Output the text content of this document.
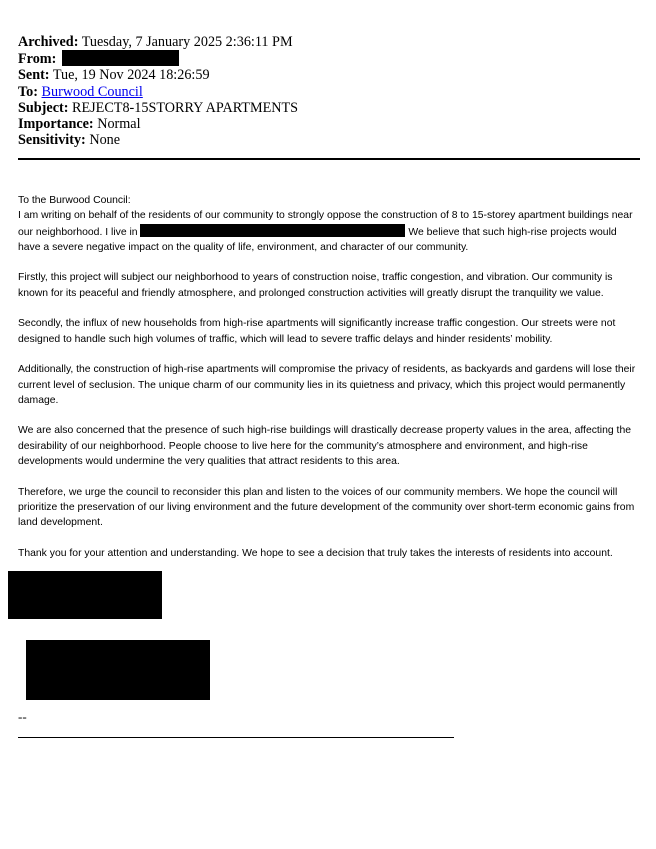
Archived: Tuesday, 7 January 2025 2:36:11 PM
From:
Sent: Tue, 19 Nov 2024 18:26:59
To: Burwood Council
Subject: REJECT8-15STORRY APARTMENTS
Importance: Normal
Sensitivity: None

To the Burwood Council:

I am writing on behalf of the residents of our community to strongly oppose the construction of 8 to 15-storey apartment buildings near our neighborhood. I live in	We believe that such high-rise projects would have a severe negative impact on the quality of life, environment, and character of our community.

Firstly, this project will subject our neighborhood to years of construction noise, traffic congestion, and vibration. Our community is known for its peaceful and friendly atmosphere, and prolonged construction activities will greatly disrupt the tranquility we value.

Secondly, the influx of new households from high-rise apartments will significantly increase traffic congestion. Our streets were not designed to handle such high volumes of traffic, which will lead to severe traffic delays and hinder residents’ mobility.

Additionally, the construction of high-rise apartments will compromise the privacy of residents, as backyards and gardens will lose their current level of seclusion. The unique charm of our community lies in its quietness and privacy, which this project would permanently damage.

We are also concerned that the presence of such high-rise buildings will drastically decrease property values in the area, affecting the desirability of our neighborhood. People choose to live here for the community’s atmosphere and environment, and high-rise developments would undermine the very qualities that attract residents to this area.

Therefore, we urge the council to reconsider this plan and listen to the voices of our community members. We hope the council will prioritize the preservation of our living environment and the future development of the community over short-term economic gains from land development.

Thank you for your attention and understanding. We hope to see a decision that truly takes the interests of residents into account.

--
